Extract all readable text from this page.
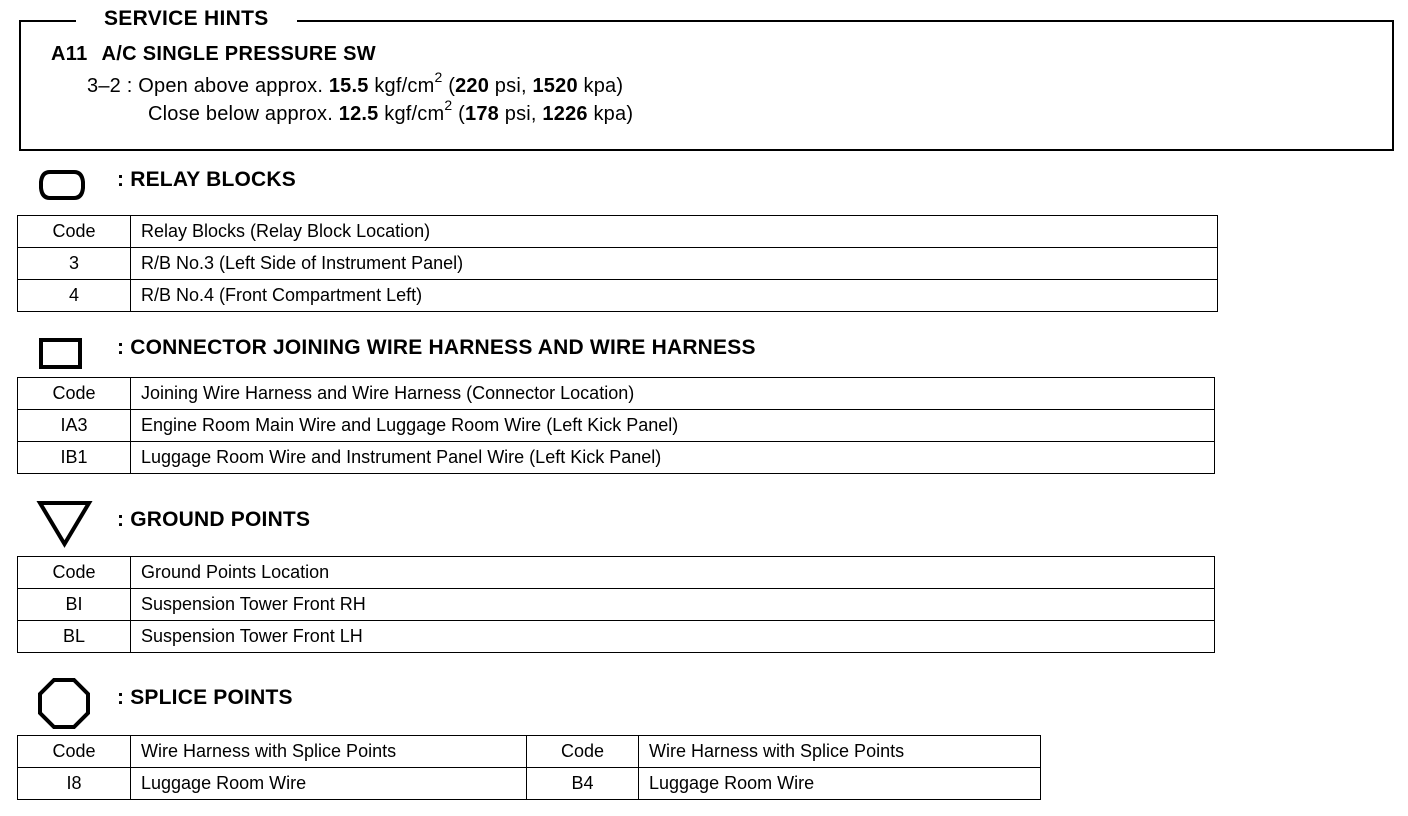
SERVICE HINTS
A11 A/C SINGLE PRESSURE SW
3–2 : Open above approx. 15.5 kgf/$cm^2$ (220 psi, 1520 kpa)
Close below approx. 12.5 kgf/$cm^2$ (178 psi, 1226 kpa)
: RELAY BLOCKS
Code	Relay Blocks (Relay Block Location)
3	R/B No.3 (Left Side of Instrument Panel)
4	R/B No.4 (Front Compartment Left)
: CONNECTOR JOINING WIRE HARNESS AND WIRE HARNESS
Code	Joining Wire Harness and Wire Harness (Connector Location)
IA3	Engine Room Main Wire and Luggage Room Wire (Left Kick Panel)
IB1	Luggage Room Wire and Instrument Panel Wire (Left Kick Panel)
: GROUND POINTS
Code	Ground Points Location
BI	Suspension Tower Front RH
BL	Suspension Tower Front LH
: SPLICE POINTS
Code	Wire Harness with Splice Points	Code	Wire Harness with Splice Points
I8	Luggage Room Wire	B4	Luggage Room Wire
